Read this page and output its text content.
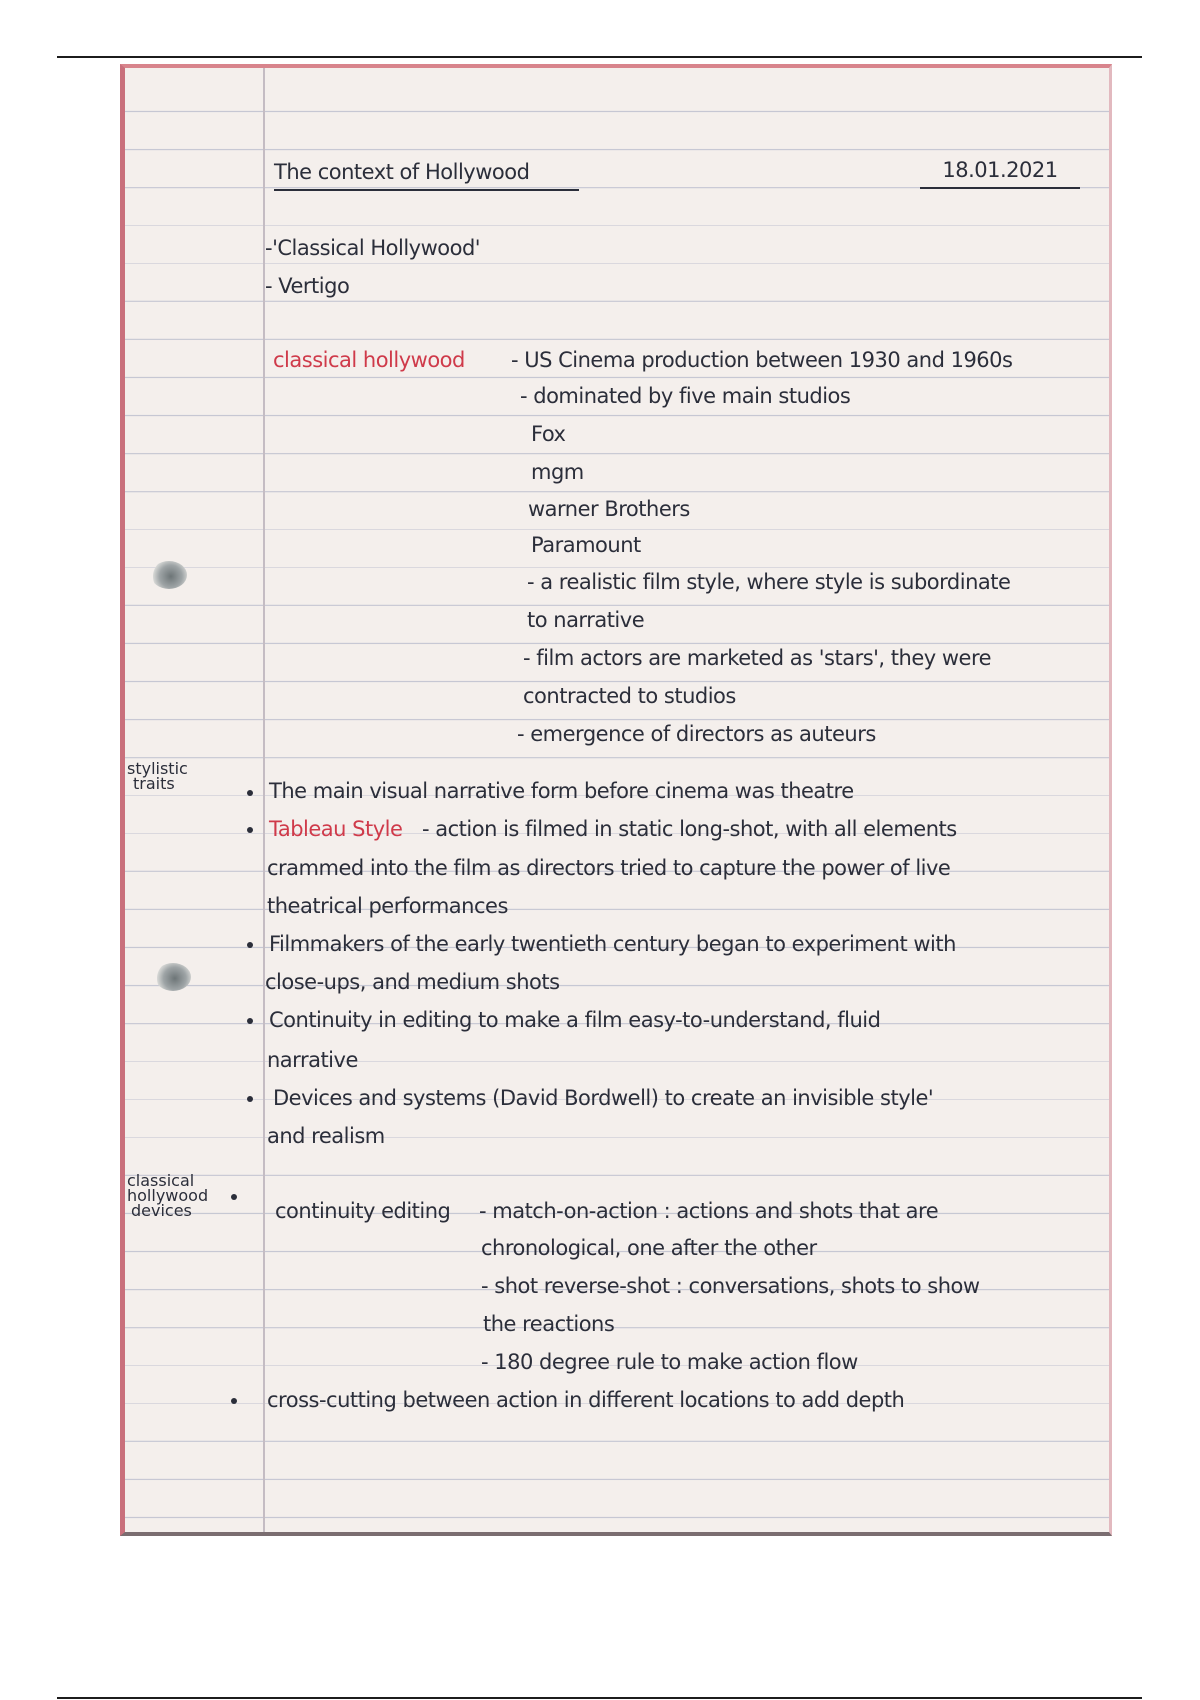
The context of Hollywood	18.01.2021
-'Classical Hollywood'
- Vertigo
classical hollywood - US Cinema production between 1930 and 1960s
- dominated by five main studios
Fox
mgm
warner Brothers
Paramount
- a realistic film style, where style is subordinate
to narrative
- film actors are marketed as 'stars', they were
contracted to studios
- emergence of directors as auteurs
stylistic
traits	The main visual narrative form before cinema was theatre
Tableau Style - action is filmed in static long-shot, with all elements
crammed into the film as directors tried to capture the power of live
theatrical performances
Filmmakers of the early twentieth century began to experiment with
close-ups, and medium shots
Continuity in editing to make a film easy-to-understand, fluid
narrative
Devices and systems (David Bordwell) to create an invisible style'
and realism
classical
hollywood
devices	continuity editing - match-on-action : actions and shots that are
chronological, one after the other
- shot reverse-shot : conversations, shots to show
the reactions
- 180 degree rule to make action flow
cross-cutting between action in different locations to add depth
